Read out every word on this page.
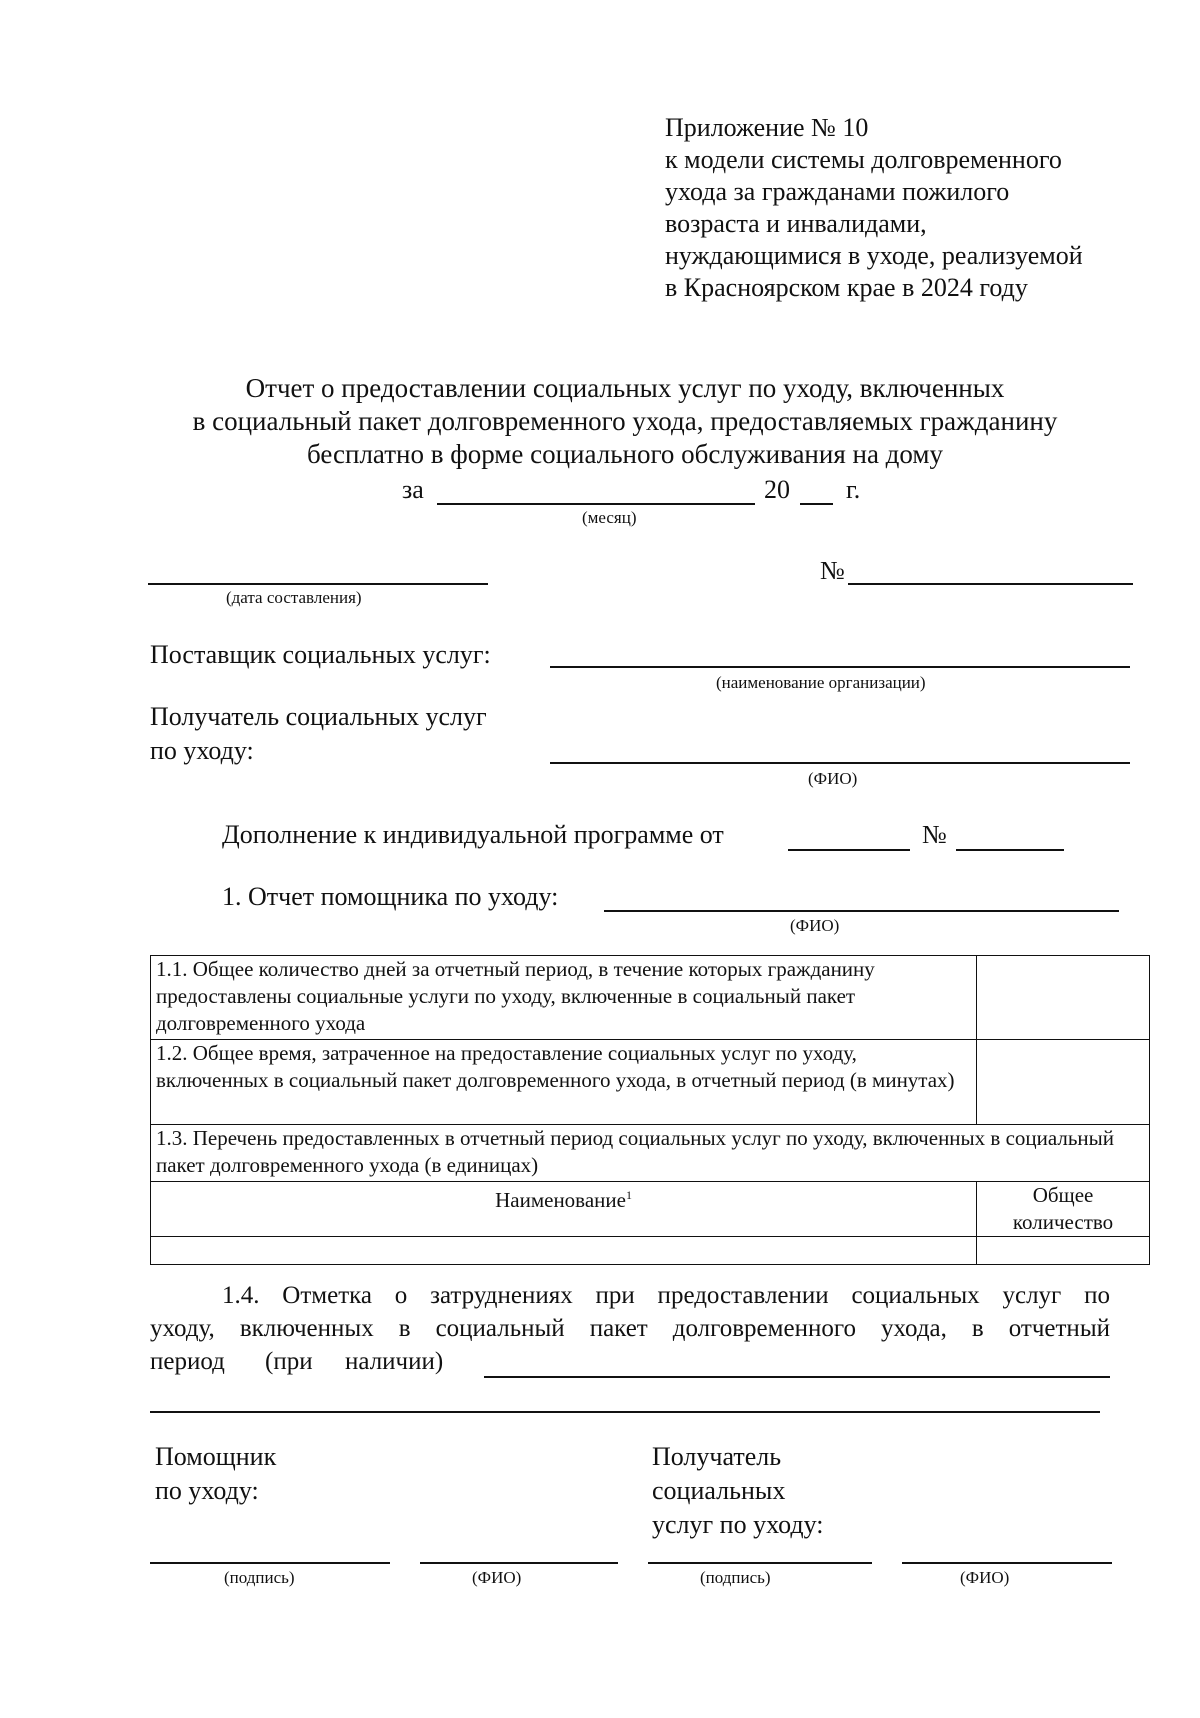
Приложение № 10
к модели системы долговременного
ухода за гражданами пожилого
возраста и инвалидами,
нуждающимися в уходе, реализуемой
в Красноярском крае в 2024 году
Отчет о предоставлении социальных услуг по уходу, включенных
в социальный пакет долговременного ухода, предоставляемых гражданину
бесплатно в форме социального обслуживания на дому
за
(месяц)
20 г.
(дата составления)
№
Поставщик социальных услуг:
(наименование организации)
Получатель социальных услуг
по уходу:
(ФИО)
Дополнение к индивидуальной программе от	№
1. Отчет помощника по уходу:
(ФИО)
1.1. Общее количество дней за отчетный период, в течение которых гражданину предоставлены социальные услуги по уходу, включенные в социальный пакет долговременного ухода	
1.2. Общее время, затраченное на предоставление социальных услуг по уходу, включенных в социальный пакет долговременного ухода, в отчетный период (в минутах)	
1.3. Перечень предоставленных в отчетный период социальных услуг по уходу, включенных в социальный пакет долговременного ухода (в единицах)	
Наименование$^1$	Общее
количество

1.4. Отметка о затруднениях при предоставлении социальных услуг по
уходу, включенных в социальный пакет долговременного ухода, в отчетный
период (при наличии)
Помощник
по уходу:
Получатель
социальных
услуг по уходу:
(подпись)	(ФИО)	(подпись)	(ФИО)
